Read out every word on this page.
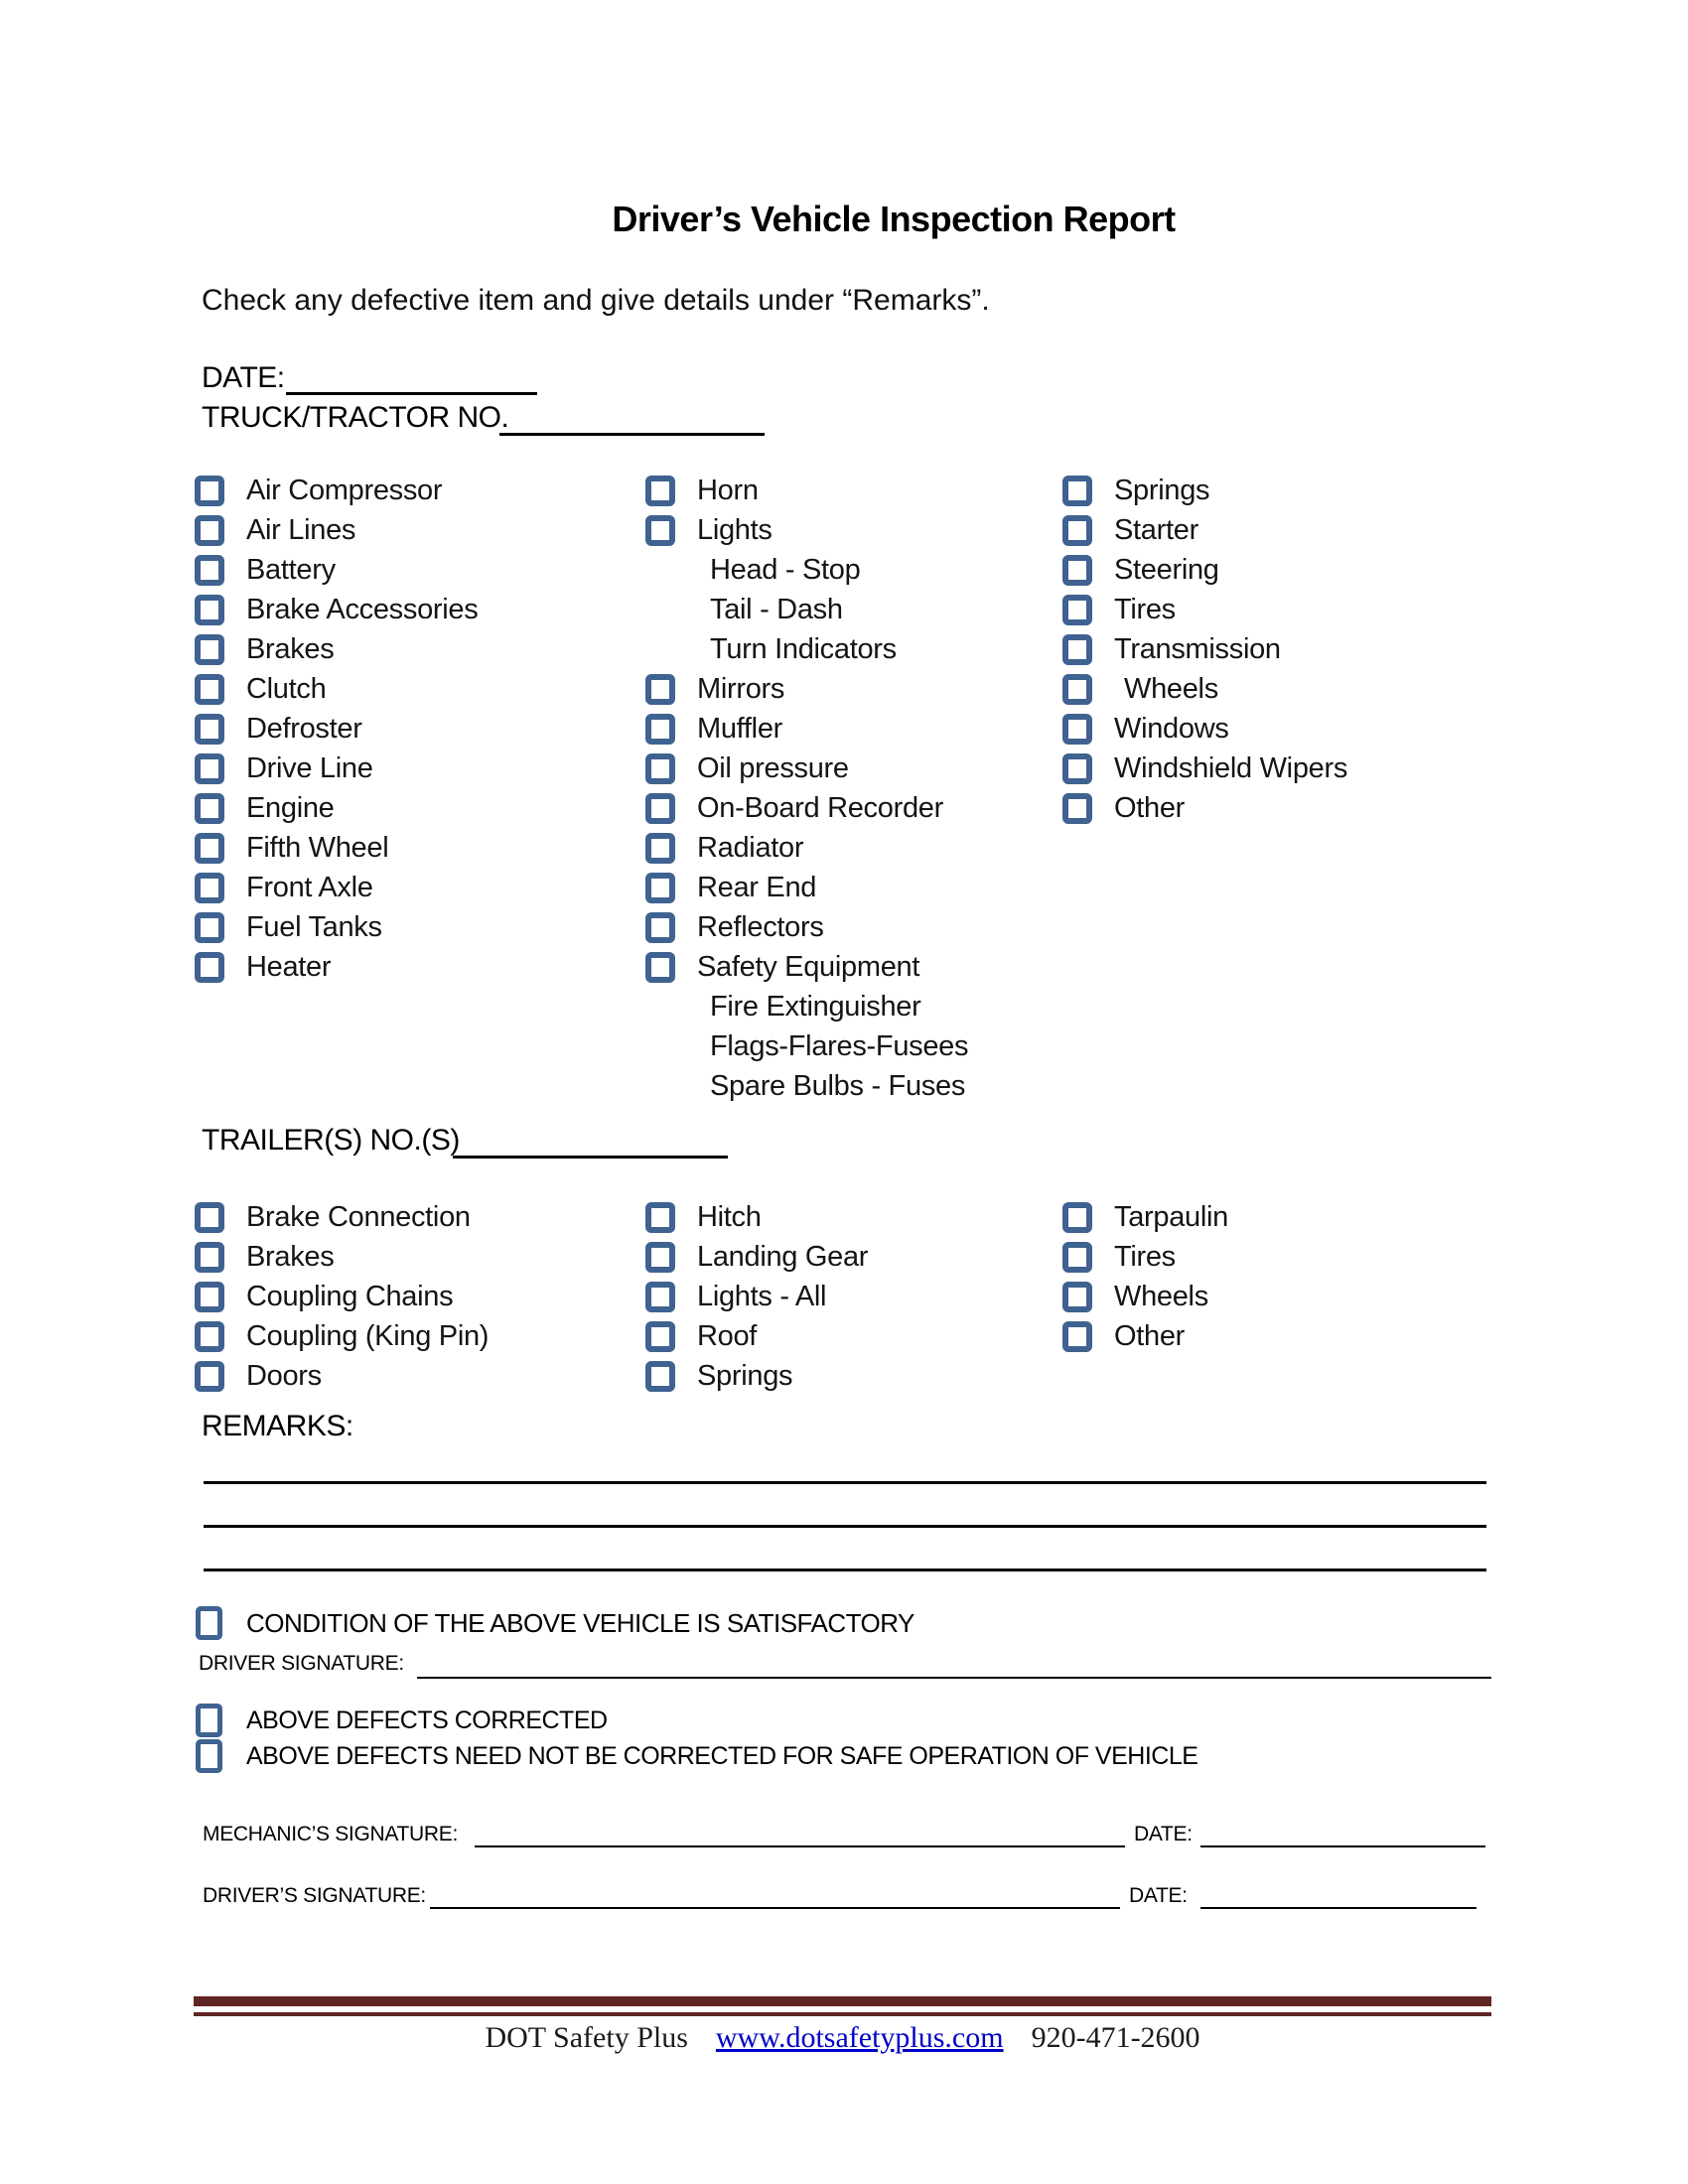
Driver’s Vehicle Inspection Report
Check any defective item and give details under “Remarks”.
DATE:
TRUCK/TRACTOR NO.
Air Compressor
Air Lines
Battery
Brake Accessories
Brakes
Clutch
Defroster
Drive Line
Engine
Fifth Wheel
Front Axle
Fuel Tanks
Heater
Horn
Lights
Head - Stop
Tail - Dash
Turn Indicators
Mirrors
Muffler
Oil pressure
On-Board Recorder
Radiator
Rear End
Reflectors
Safety Equipment
Fire Extinguisher
Flags-Flares-Fusees
Spare Bulbs - Fuses
Springs
Starter
Steering
Tires
Transmission
Wheels
Windows
Windshield Wipers
Other
TRAILER(S) NO.(S)
Brake Connection
Brakes
Coupling Chains
Coupling (King Pin)
Doors
Hitch
Landing Gear
Lights - All
Roof
Springs
Tarpaulin
Tires
Wheels
Other
REMARKS:
CONDITION OF THE ABOVE VEHICLE IS SATISFACTORY
DRIVER SIGNATURE:
ABOVE DEFECTS CORRECTED
ABOVE DEFECTS NEED NOT BE CORRECTED FOR SAFE OPERATION OF VEHICLE
MECHANIC’S SIGNATURE:	DATE:
DRIVER’S SIGNATURE:	DATE:
DOT Safety Plus www.dotsafetyplus.com 920-471-2600
